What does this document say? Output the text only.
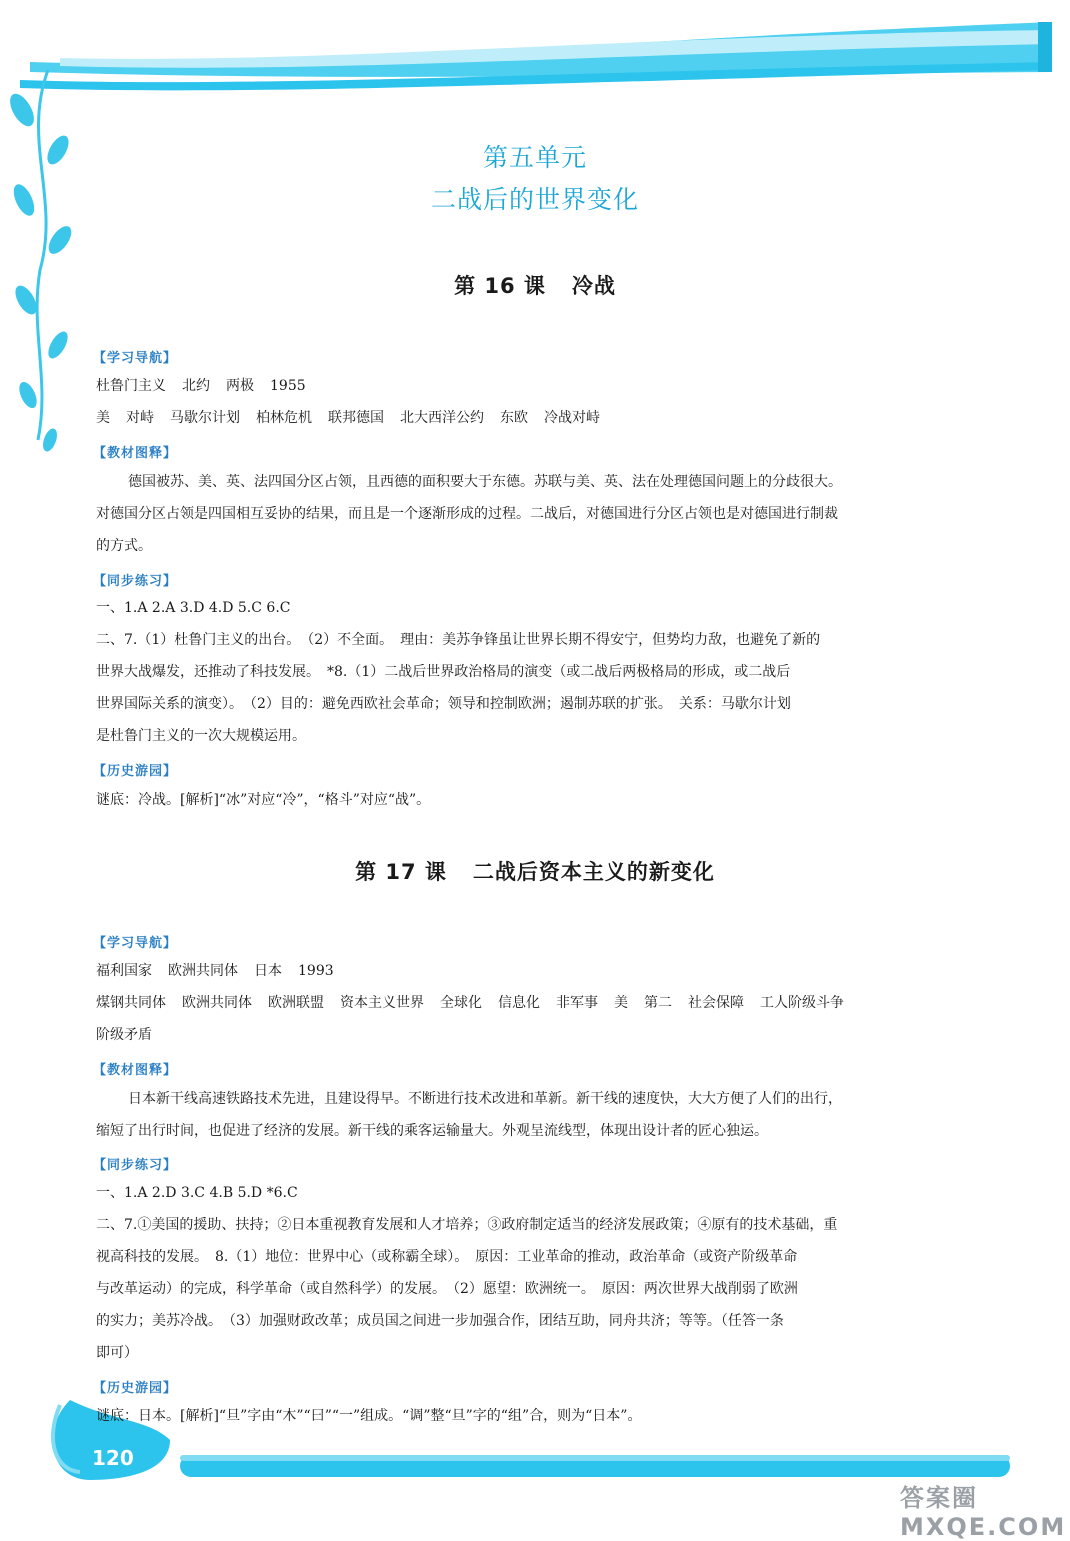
第五单元
二战后的世界变化
第 16 课 冷战
【学习导航】
杜鲁门主义 北约 两极 1955
美 对峙 马歇尔计划 柏林危机 联邦德国 北大西洋公约 东欧 冷战对峙
【教材图释】
德国被苏、美、英、法四国分区占领，且西德的面积要大于东德。苏联与美、英、法在处理德国问题上的分歧很大。
对德国分区占领是四国相互妥协的结果，而且是一个逐渐形成的过程。二战后，对德国进行分区占领也是对德国进行制裁
的方式。
【同步练习】
一、1.A 2.A 3.D 4.D 5.C 6.C
二、7.（1）杜鲁门主义的出台。　（2）不全面。　理由：美苏争锋虽让世界长期不得安宁，但势均力敌，也避免了新的
世界大战爆发，还推动了科技发展。　*8.（1）二战后世界政治格局的演变（或二战后两极格局的形成，或二战后
世界国际关系的演变）。　（2）目的：避免西欧社会革命；领导和控制欧洲；遏制苏联的扩张。　关系：马歇尔计划
是杜鲁门主义的一次大规模运用。
【历史游园】
谜底：冷战。[解析]“冰”对应“冷”，“格斗”对应“战”。
第 17 课 二战后资本主义的新变化
【学习导航】
福利国家 欧洲共同体 日本 1993
煤钢共同体 欧洲共同体 欧洲联盟 资本主义世界 全球化 信息化 非军事 美 第二 社会保障 工人阶级斗争
阶级矛盾
【教材图释】
日本新干线高速铁路技术先进，且建设得早。不断进行技术改进和革新。新干线的速度快，大大方便了人们的出行，
缩短了出行时间，也促进了经济的发展。新干线的乘客运输量大。外观呈流线型，体现出设计者的匠心独运。
【同步练习】
一、1.A 2.D 3.C 4.B 5.D *6.C
二、7.①美国的援助、扶持；②日本重视教育发展和人才培养；③政府制定适当的经济发展政策；④原有的技术基础，重
视高科技的发展。　8.（1）地位：世界中心（或称霸全球）。　原因：工业革命的推动，政治革命（或资产阶级革命
与改革运动）的完成，科学革命（或自然科学）的发展。　（2）愿望：欧洲统一。　原因：两次世界大战削弱了欧洲
的实力；美苏冷战。　（3）加强财政改革；成员国之间进一步加强合作，团结互助，同舟共济；等等。（任答一条
即可）
【历史游园】
谜底：日本。[解析]“旦”字由“木”“曰”“一”组成。“调”整“旦”字的“组”合，则为“日本”。
120
答案圈 MXQE.COM
